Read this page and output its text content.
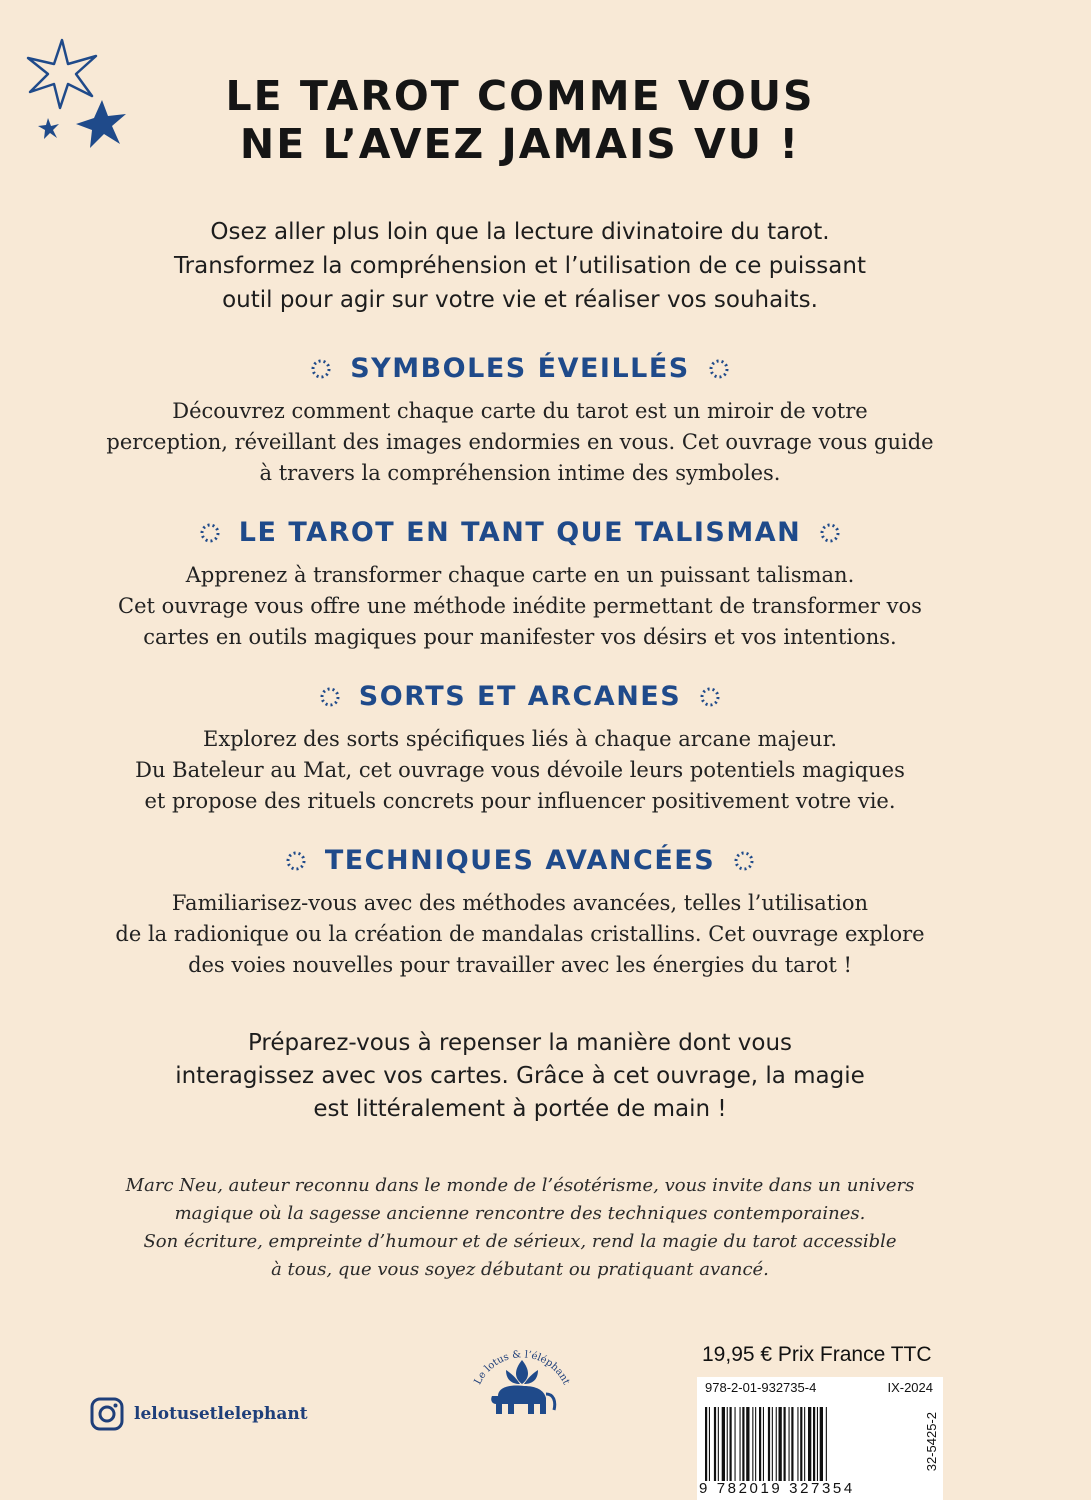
LE TAROT COMME VOUS
NE L’AVEZ JAMAIS VU !
Osez aller plus loin que la lecture divinatoire du tarot.
Transformez la compréhension et l’utilisation de ce puissant
outil pour agir sur votre vie et réaliser vos souhaits.
SYMBOLES ÉVEILLÉS
Découvrez comment chaque carte du tarot est un miroir de votre
perception, réveillant des images endormies en vous. Cet ouvrage vous guide
à travers la compréhension intime des symboles.
LE TAROT EN TANT QUE TALISMAN
Apprenez à transformer chaque carte en un puissant talisman.
Cet ouvrage vous offre une méthode inédite permettant de transformer vos
cartes en outils magiques pour manifester vos désirs et vos intentions.
SORTS ET ARCANES
Explorez des sorts spécifiques liés à chaque arcane majeur.
Du Bateleur au Mat, cet ouvrage vous dévoile leurs potentiels magiques
et propose des rituels concrets pour influencer positivement votre vie.
TECHNIQUES AVANCÉES
Familiarisez-vous avec des méthodes avancées, telles l’utilisation
de la radionique ou la création de mandalas cristallins. Cet ouvrage explore
des voies nouvelles pour travailler avec les énergies du tarot !
Préparez-vous à repenser la manière dont vous
interagissez avec vos cartes. Grâce à cet ouvrage, la magie
est littéralement à portée de main !
Marc Neu, auteur reconnu dans le monde de l’ésotérisme, vous invite dans un univers
magique où la sagesse ancienne rencontre des techniques contemporaines.
Son écriture, empreinte d’humour et de sérieux, rend la magie du tarot accessible
à tous, que vous soyez débutant ou pratiquant avancé.
lelotusetlelephant
Le lotus & l’éléphant
19,95 € Prix France TTC
978-2-01-932735-4	IX-2024
9 782019 327354
32-5425-2
